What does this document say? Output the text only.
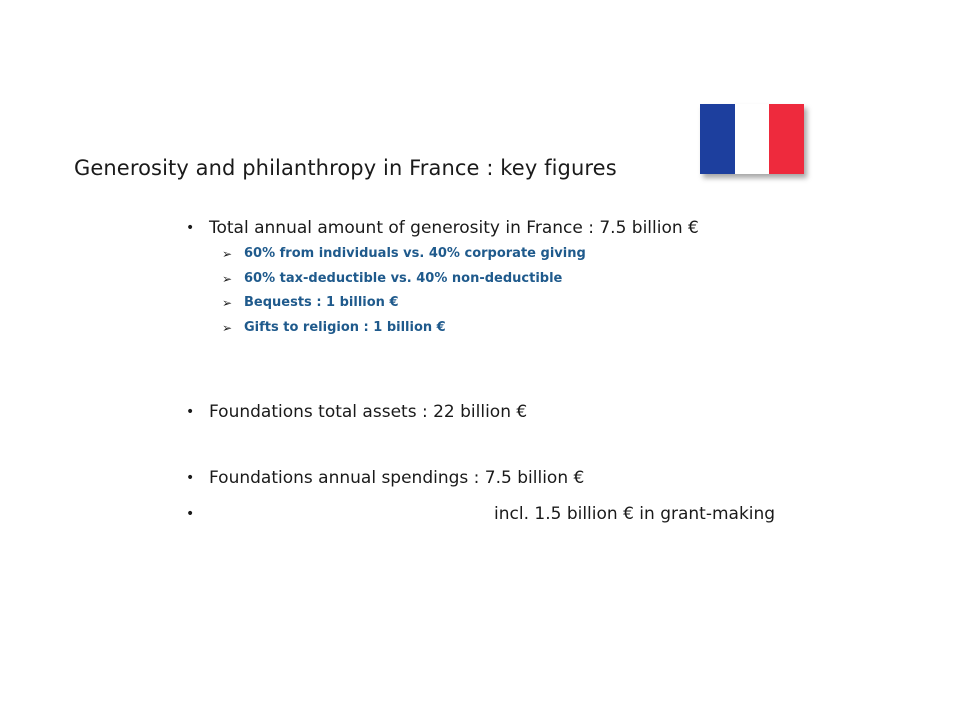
Generosity and philanthropy in France : key figures
• Total annual amount of generosity in France : 7.5 billion €
➢ 60% from individuals vs. 40% corporate giving
➢ 60% tax-deductible vs. 40% non-deductible
➢ Bequests : 1 billion €
➢ Gifts to religion : 1 billion €
• Foundations total assets : 22 billion €
• Foundations annual spendings : 7.5 billion €
•	incl. 1.5 billion € in grant-making
